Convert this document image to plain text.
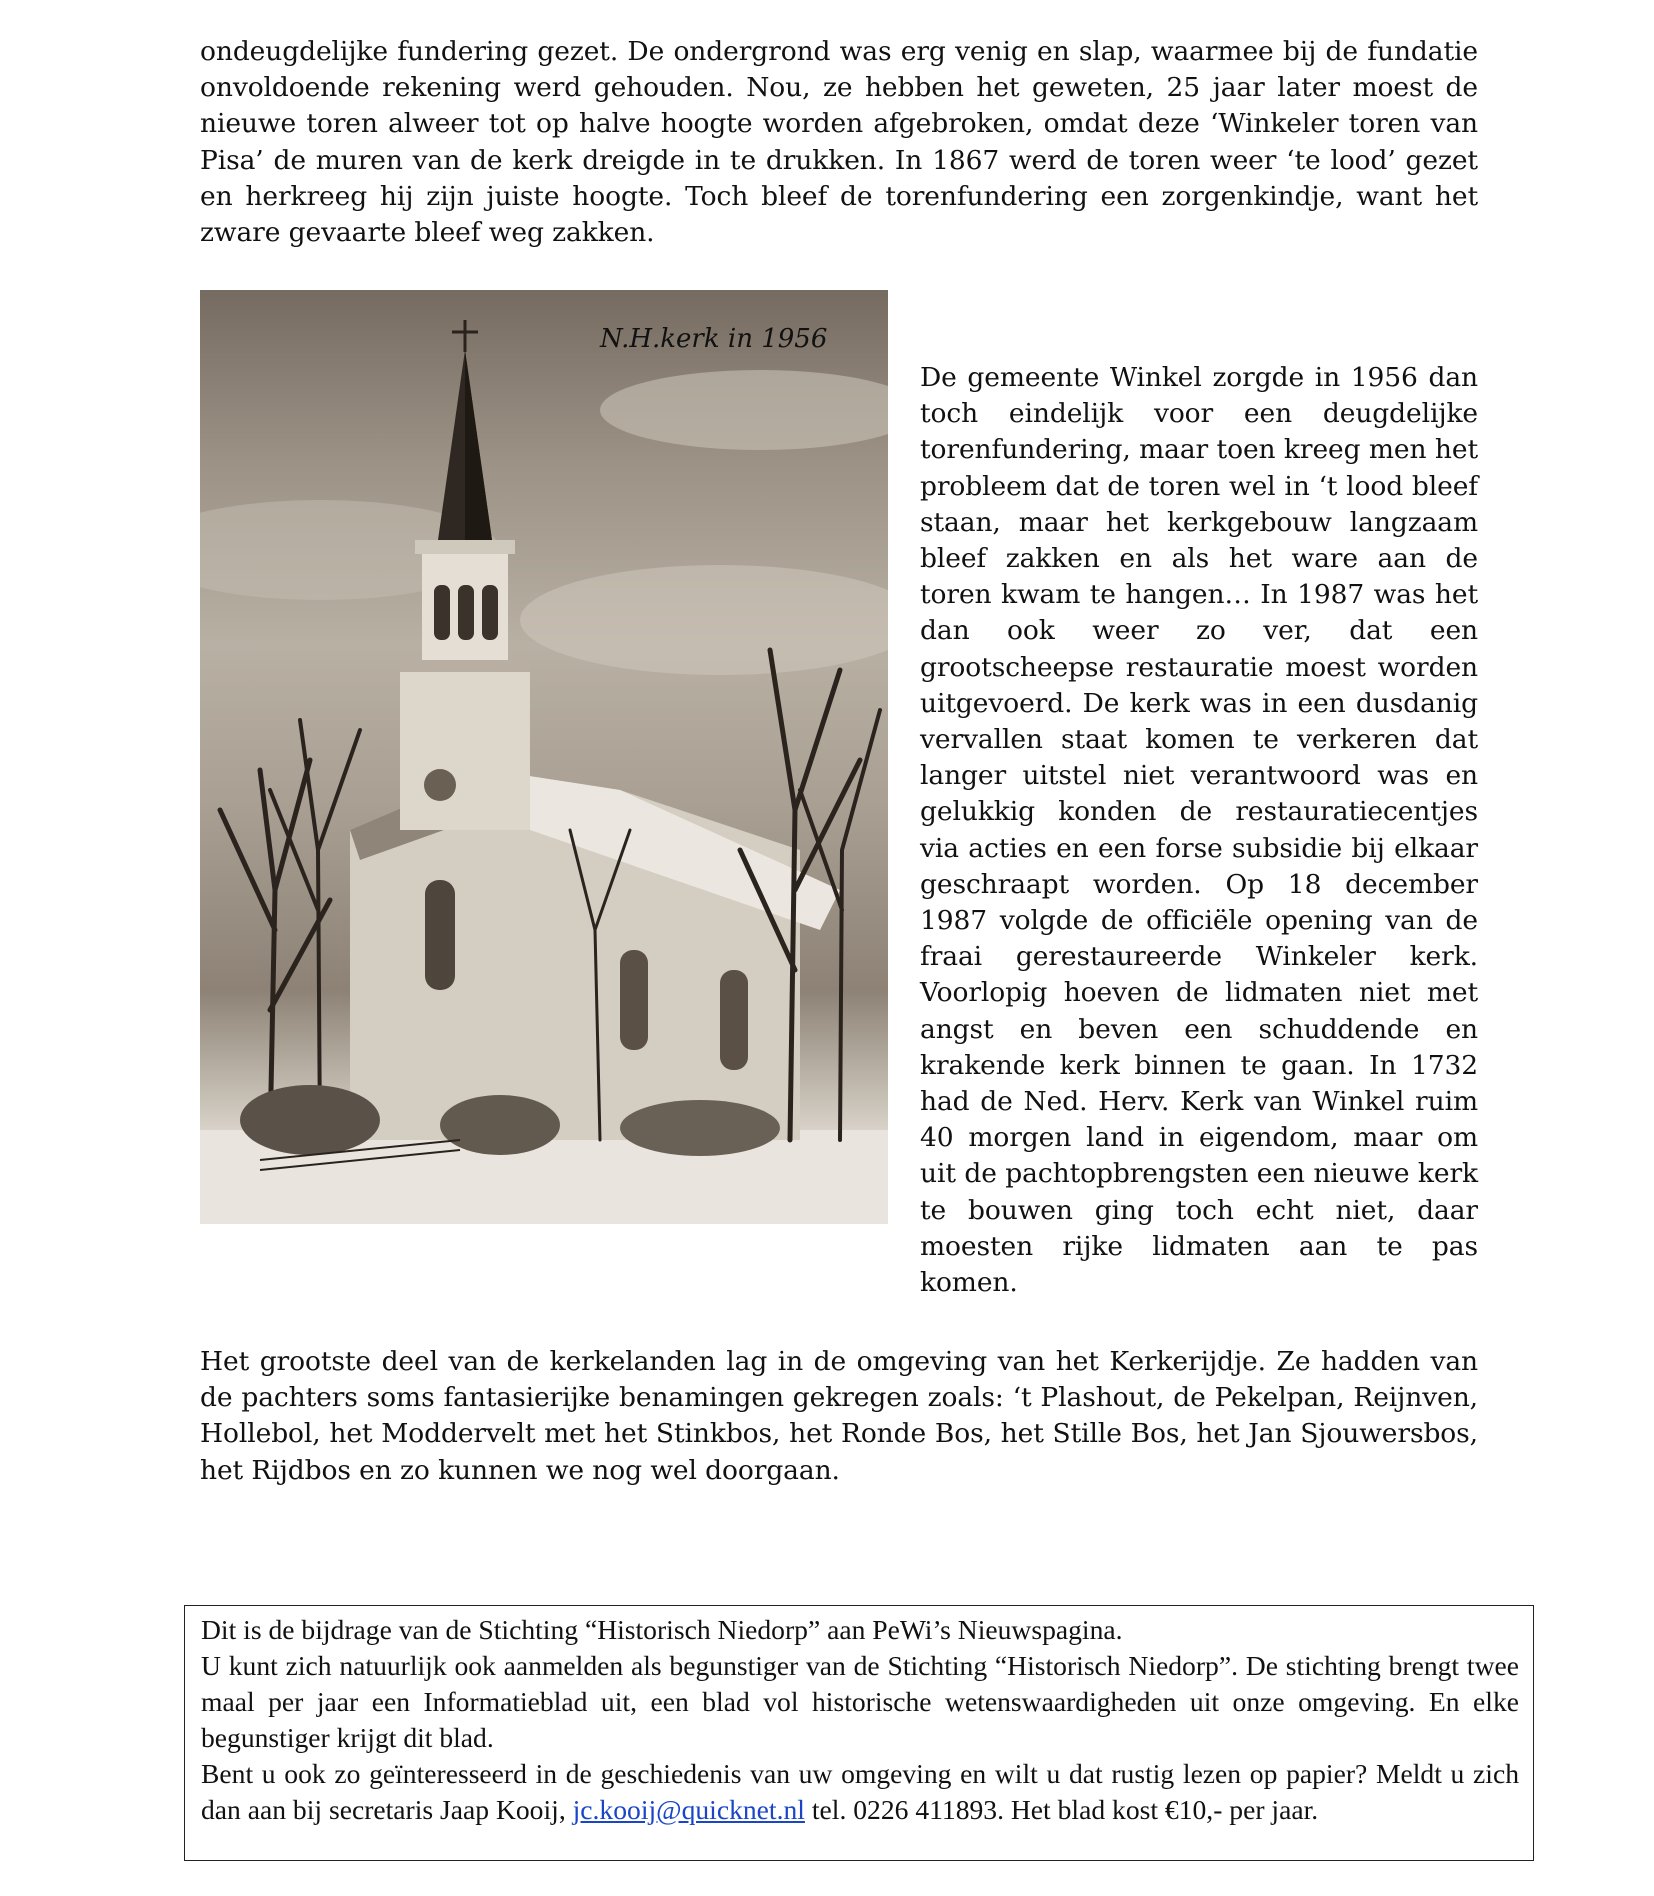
ondeugdelijke fundering gezet. De ondergrond was erg venig en slap, waarmee bij de fundatie onvoldoende rekening werd gehouden. Nou, ze hebben het geweten, 25 jaar later moest de nieuwe toren alweer tot op halve hoogte worden afgebroken, omdat deze ‘Winkeler toren van Pisa’ de muren van de kerk dreigde in te drukken. In 1867 werd de toren weer ‘te lood’ gezet en herkreeg hij zijn juiste hoogte. Toch bleef de torenfundering een zorgenkindje, want het zware gevaarte bleef weg zakken.

N.H.kerk in 1956

De gemeente Winkel zorgde in 1956 dan toch eindelijk voor een deugdelijke torenfundering, maar toen kreeg men het probleem dat de toren wel in ‘t lood bleef staan, maar het kerkgebouw langzaam bleef zakken en als het ware aan de toren kwam te hangen… In 1987 was het dan ook weer zo ver, dat een grootscheepse restauratie moest worden uitgevoerd. De kerk was in een dusdanig vervallen staat komen te verkeren dat langer uitstel niet verantwoord was en gelukkig konden de restauratiecentjes via acties en een forse subsidie bij elkaar geschraapt worden. Op 18 december 1987 volgde de officiële opening van de fraai gerestaureerde Winkeler kerk. Voorlopig hoeven de lidmaten niet met angst en beven een schuddende en krakende kerk binnen te gaan. In 1732 had de Ned. Herv. Kerk van Winkel ruim 40 morgen land in eigendom, maar om uit de pachtopbrengsten een nieuwe kerk te bouwen ging toch echt niet, daar moesten rijke lidmaten aan te pas komen.

Het grootste deel van de kerkelanden lag in de omgeving van het Kerkerijdje. Ze hadden van de pachters soms fantasierijke benamingen gekregen zoals: ‘t Plashout, de Pekelpan, Reijnven, Hollebol, het Moddervelt met het Stinkbos, het Ronde Bos, het Stille Bos, het Jan Sjouwersbos, het Rijdbos en zo kunnen we nog wel doorgaan.

Dit is de bijdrage van de Stichting “Historisch Niedorp” aan PeWi’s Nieuwspagina.

U kunt zich natuurlijk ook aanmelden als begunstiger van de Stichting “Historisch Niedorp”. De stichting brengt twee maal per jaar een Informatieblad uit, een blad vol historische wetenswaardigheden uit onze omgeving. En elke begunstiger krijgt dit blad.

Bent u ook zo geïnteresseerd in de geschiedenis van uw omgeving en wilt u dat rustig lezen op papier? Meldt u zich dan aan bij secretaris Jaap Kooij, jc.kooij@quicknet.nl tel. 0226 411893. Het blad kost €10,- per jaar.
